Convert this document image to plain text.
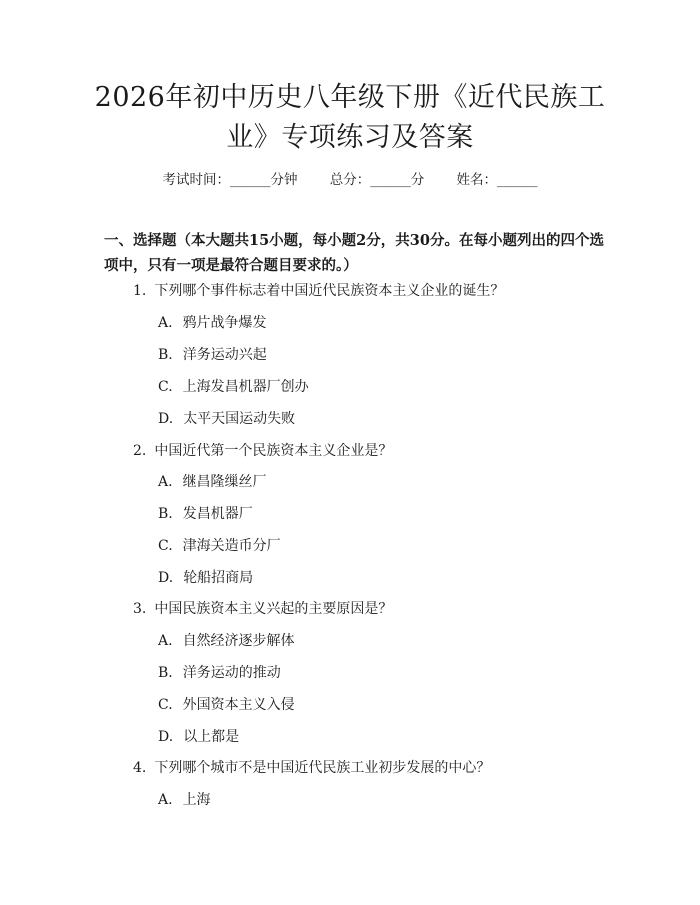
2026年初中历史八年级下册《近代民族工业》专项练习及答案
考试时间：______分钟 总分：______分 姓名：______

一、选择题（本大题共15小题，每小题2分，共30分。在每小题列出的四个选项中，只有一项是最符合题目要求的。）

1. 下列哪个事件标志着中国近代民族资本主义企业的诞生？
A. 鸦片战争爆发
B. 洋务运动兴起
C. 上海发昌机器厂创办
D. 太平天国运动失败
2. 中国近代第一个民族资本主义企业是？
A. 继昌隆缫丝厂
B. 发昌机器厂
C. 津海关造币分厂
D. 轮船招商局
3. 中国民族资本主义兴起的主要原因是？
A. 自然经济逐步解体
B. 洋务运动的推动
C. 外国资本主义入侵
D. 以上都是
4. 下列哪个城市不是中国近代民族工业初步发展的中心？
A. 上海
